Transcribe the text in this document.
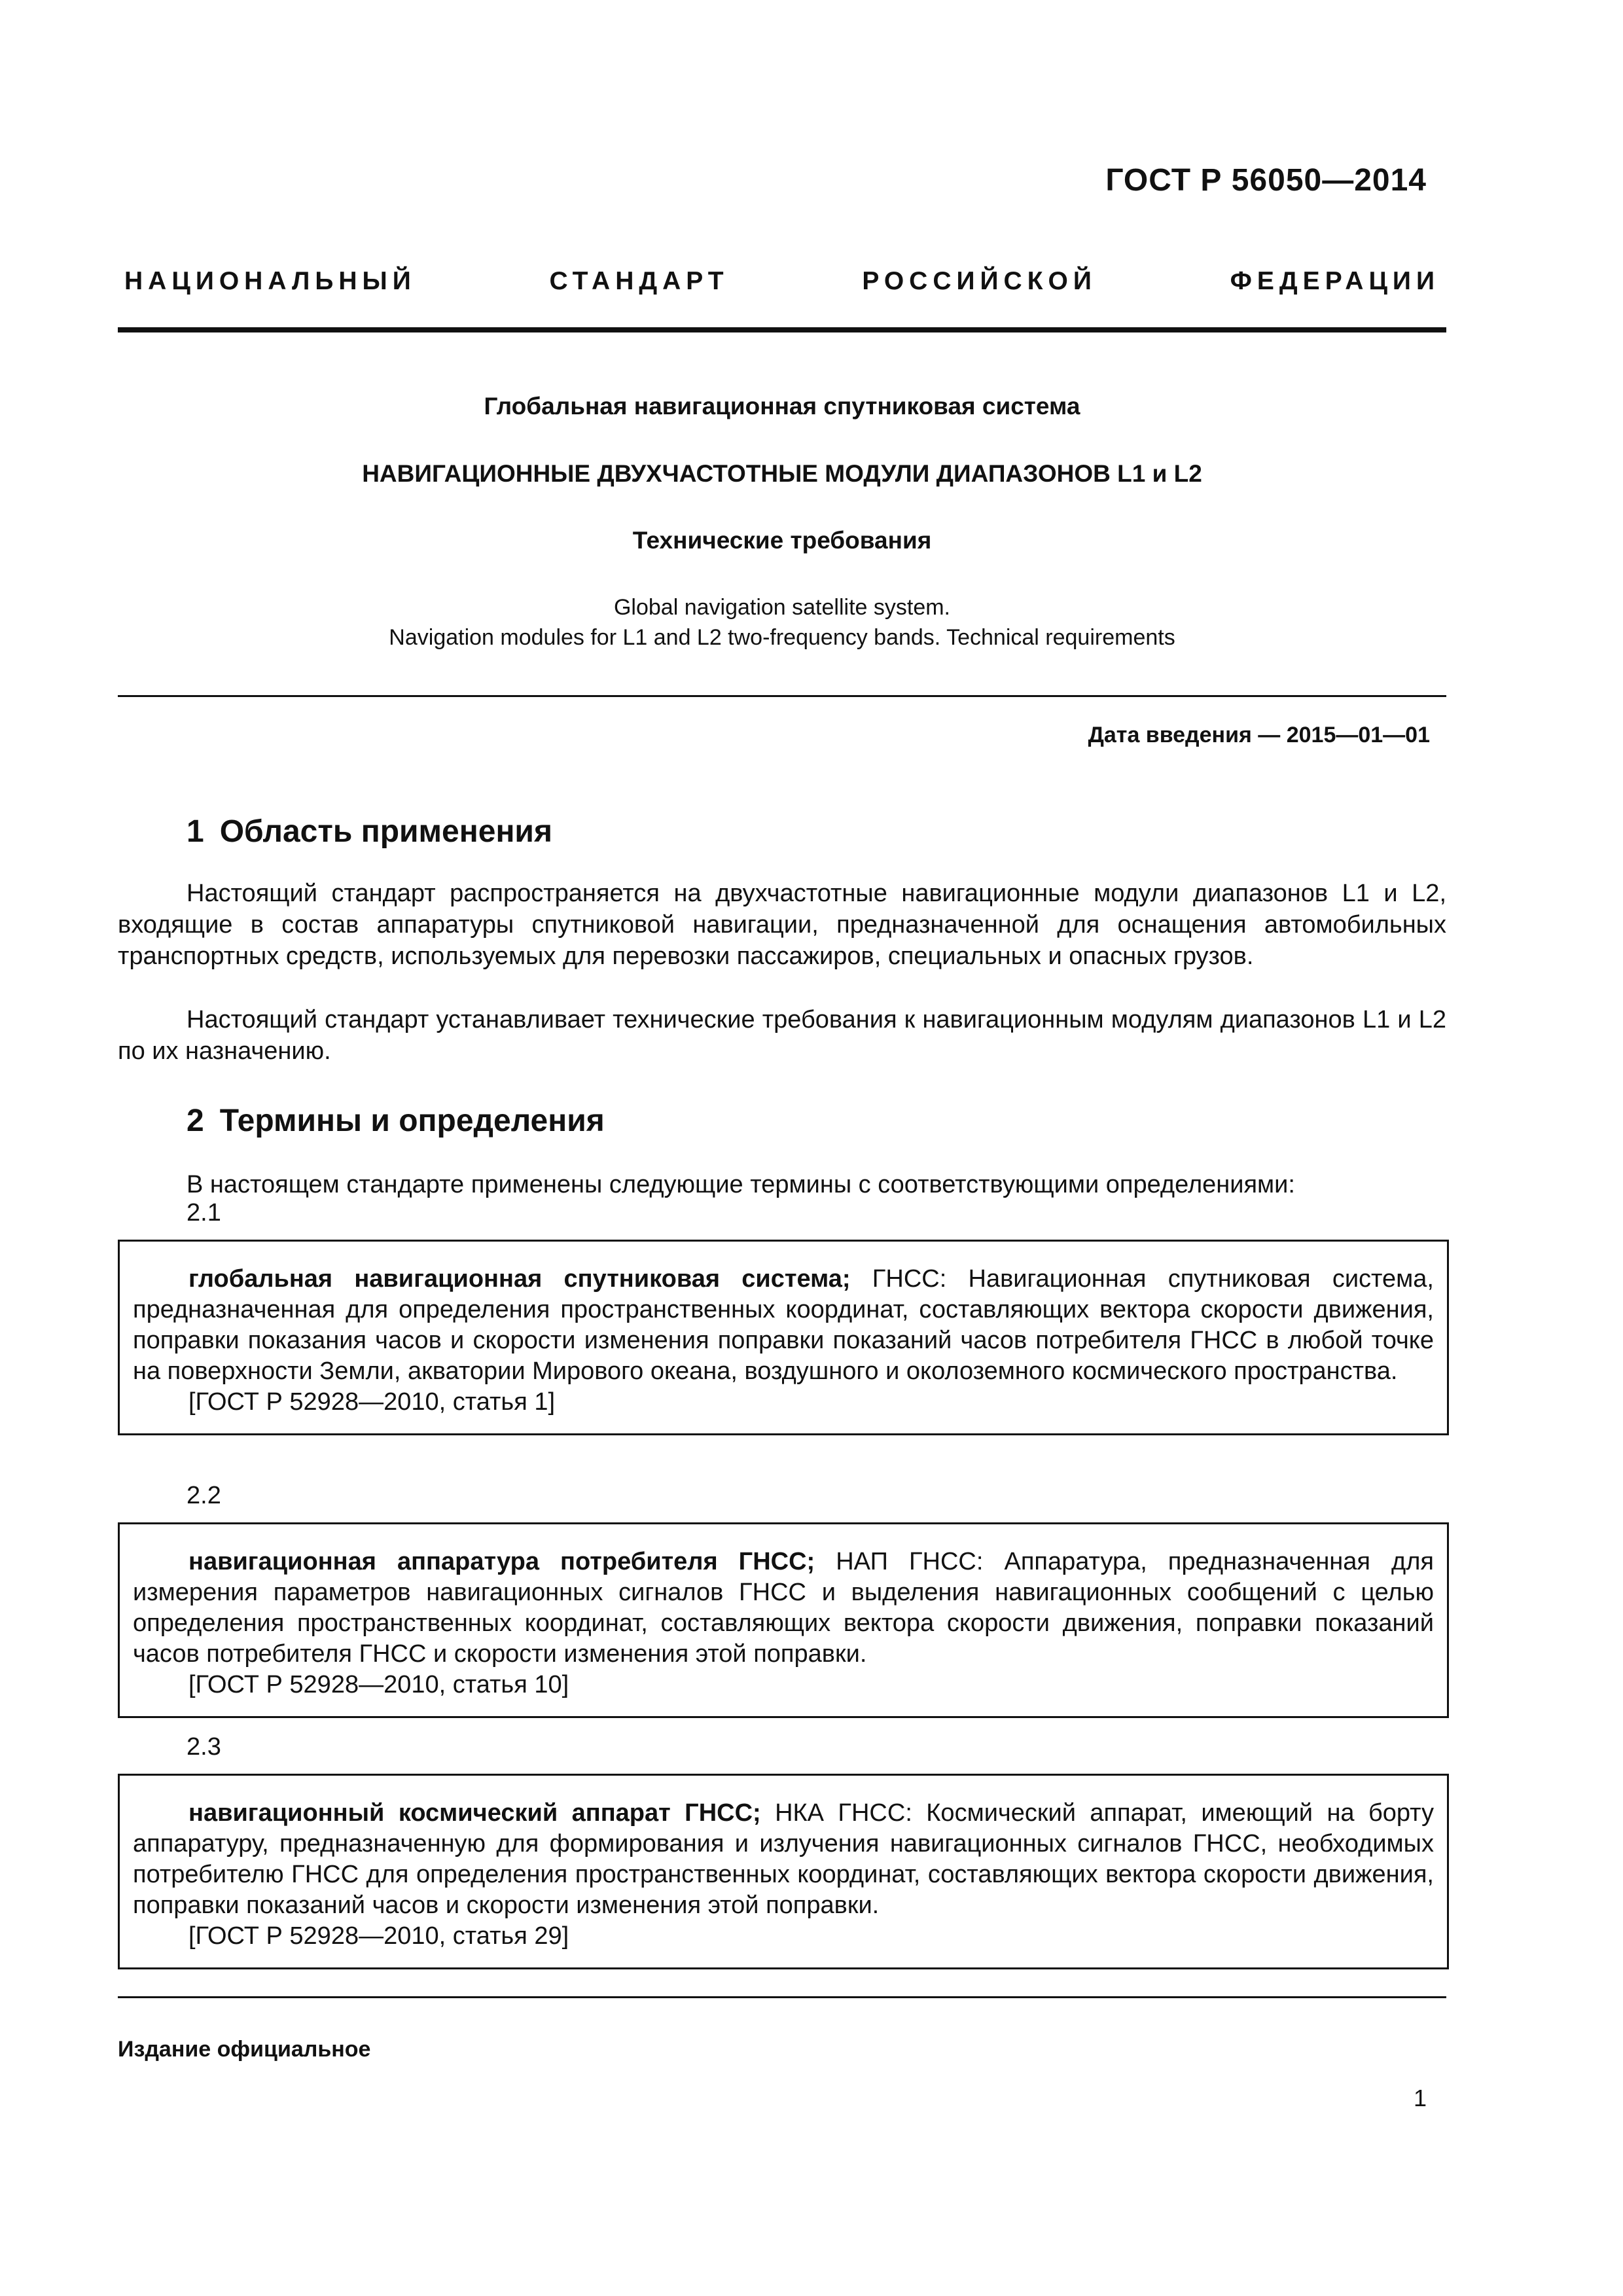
ГОСТ Р 56050—2014
НАЦИОНАЛЬНЫЙ СТАНДАРТ РОССИЙСКОЙ ФЕДЕРАЦИИ
Глобальная навигационная спутниковая система
НАВИГАЦИОННЫЕ ДВУХЧАСТОТНЫЕ МОДУЛИ ДИАПАЗОНОВ L1 и L2
Технические требования
Global navigation satellite system.
Navigation modules for L1 and L2 two-frequency bands. Technical requirements
Дата введения — 2015—01—01
1 Область применения
Настоящий стандарт распространяется на двухчастотные навигационные модули диапазонов L1 и L2, входящие в состав аппаратуры спутниковой навигации, предназначенной для оснащения автомобильных транспортных средств, используемых для перевозки пассажиров, специальных и опасных грузов.
Настоящий стандарт устанавливает технические требования к навигационным модулям диапазонов L1 и L2 по их назначению.
2 Термины и определения
В настоящем стандарте применены следующие термины с соответствующими определениями:
2.1
глобальная навигационная спутниковая система; ГНСС: Навигационная спутниковая система, предназначенная для определения пространственных координат, составляющих вектора скорости движения, поправки показания часов и скорости изменения поправки показаний часов потребителя ГНСС в любой точке на поверхности Земли, акватории Мирового океана, воздушного и околоземного космического пространства.
[ГОСТ Р 52928—2010, статья 1]
2.2
навигационная аппаратура потребителя ГНСС; НАП ГНСС: Аппаратура, предназначенная для измерения параметров навигационных сигналов ГНСС и выделения навигационных сообщений с целью определения пространственных координат, составляющих вектора скорости движения, поправки показаний часов потребителя ГНСС и скорости изменения этой поправки.
[ГОСТ Р 52928—2010, статья 10]
2.3
навигационный космический аппарат ГНСС; НКА ГНСС: Космический аппарат, имеющий на борту аппаратуру, предназначенную для формирования и излучения навигационных сигналов ГНСС, необходимых потребителю ГНСС для определения пространственных координат, составляющих вектора скорости движения, поправки показаний часов и скорости изменения этой поправки.
[ГОСТ Р 52928—2010, статья 29]
Издание официальное
1
